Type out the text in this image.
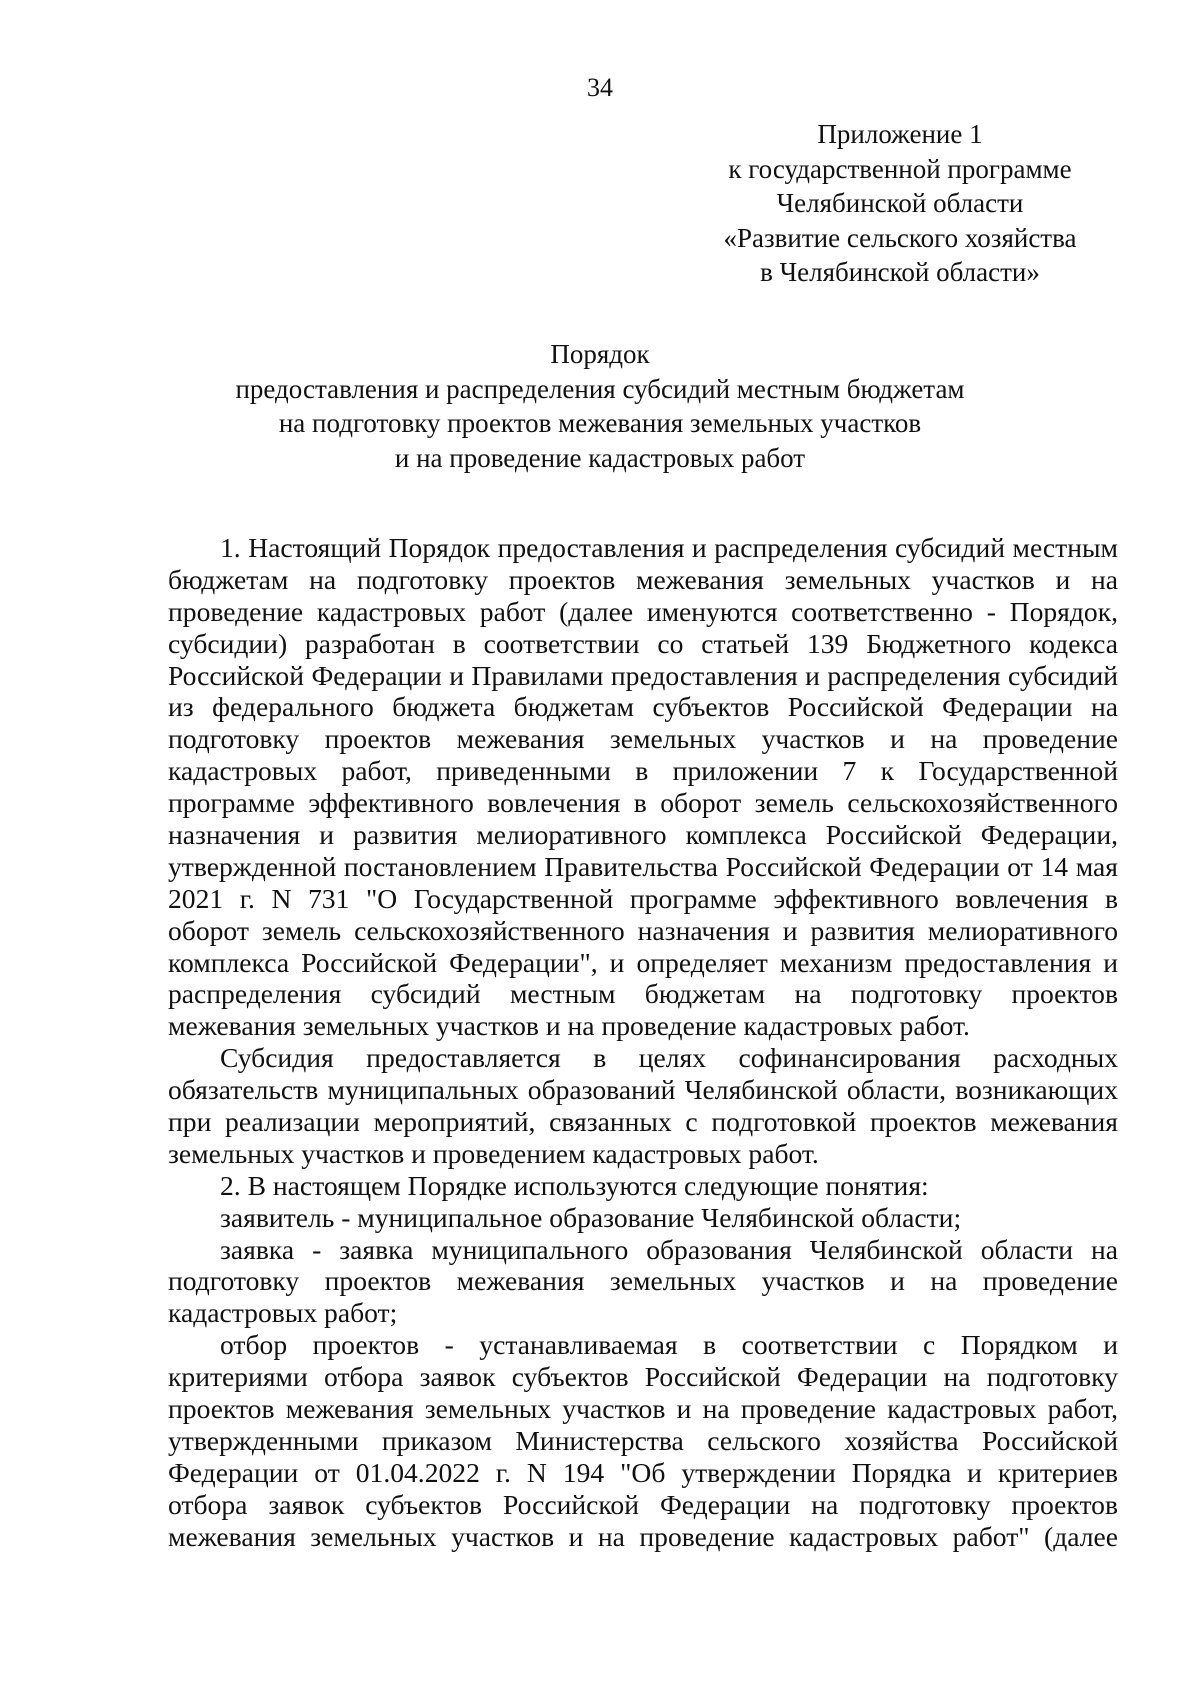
34
Приложение 1
к государственной программе
Челябинской области
«Развитие сельского хозяйства
в Челябинской области»
Порядок
предоставления и распределения субсидий местным бюджетам
на подготовку проектов межевания земельных участков
и на проведение кадастровых работ
1. Настоящий Порядок предоставления и распределения субсидий местным
бюджетам на подготовку проектов межевания земельных участков и на
проведение кадастровых работ (далее именуются соответственно - Порядок,
субсидии) разработан в соответствии со статьей 139 Бюджетного кодекса
Российской Федерации и Правилами предоставления и распределения субсидий
из федерального бюджета бюджетам субъектов Российской Федерации на
подготовку проектов межевания земельных участков и на проведение
кадастровых работ, приведенными в приложении 7 к Государственной
программе эффективного вовлечения в оборот земель сельскохозяйственного
назначения и развития мелиоративного комплекса Российской Федерации,
утвержденной постановлением Правительства Российской Федерации от 14 мая
2021 г. N 731 "О Государственной программе эффективного вовлечения в
оборот земель сельскохозяйственного назначения и развития мелиоративного
комплекса Российской Федерации", и определяет механизм предоставления и
распределения субсидий местным бюджетам на подготовку проектов
межевания земельных участков и на проведение кадастровых работ.
Субсидия предоставляется в целях софинансирования расходных
обязательств муниципальных образований Челябинской области, возникающих
при реализации мероприятий, связанных с подготовкой проектов межевания
земельных участков и проведением кадастровых работ.
2. В настоящем Порядке используются следующие понятия:
заявитель - муниципальное образование Челябинской области;
заявка - заявка муниципального образования Челябинской области на
подготовку проектов межевания земельных участков и на проведение
кадастровых работ;
отбор проектов - устанавливаемая в соответствии с Порядком и
критериями отбора заявок субъектов Российской Федерации на подготовку
проектов межевания земельных участков и на проведение кадастровых работ,
утвержденными приказом Министерства сельского хозяйства Российской
Федерации от 01.04.2022 г. N 194 "Об утверждении Порядка и критериев
отбора заявок субъектов Российской Федерации на подготовку проектов
межевания земельных участков и на проведение кадастровых работ" (далее
